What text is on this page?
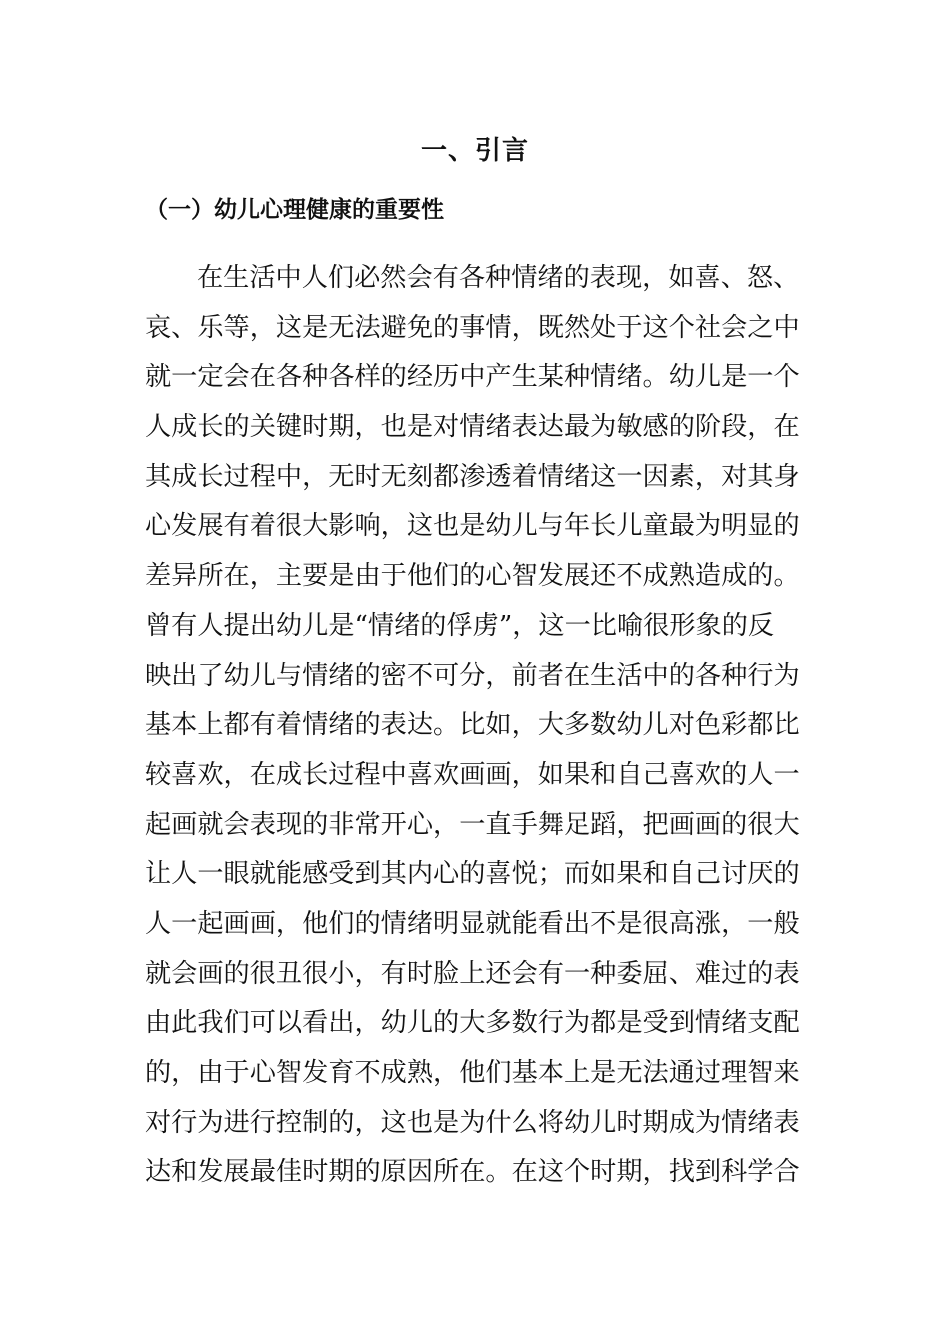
一、引言
（一）幼儿心理健康的重要性
在生活中人们必然会有各种情绪的表现，如喜、怒、
哀、乐等，这是无法避免的事情，既然处于这个社会之中
就一定会在各种各样的经历中产生某种情绪。幼儿是一个
人成长的关键时期，也是对情绪表达最为敏感的阶段，在
其成长过程中，无时无刻都渗透着情绪这一因素，对其身
心发展有着很大影响，这也是幼儿与年长儿童最为明显的
差异所在，主要是由于他们的心智发展还不成熟造成的。
曾有人提出幼儿是“情绪的俘虏”，这一比喻很形象的反
映出了幼儿与情绪的密不可分，前者在生活中的各种行为
基本上都有着情绪的表达。比如，大多数幼儿对色彩都比
较喜欢，在成长过程中喜欢画画，如果和自己喜欢的人一
起画就会表现的非常开心，一直手舞足蹈，把画画的很大
让人一眼就能感受到其内心的喜悦；而如果和自己讨厌的
人一起画画，他们的情绪明显就能看出不是很高涨，一般
就会画的很丑很小，有时脸上还会有一种委屈、难过的表
由此我们可以看出，幼儿的大多数行为都是受到情绪支配
的，由于心智发育不成熟，他们基本上是无法通过理智来
对行为进行控制的，这也是为什么将幼儿时期成为情绪表
达和发展最佳时期的原因所在。在这个时期，找到科学合
